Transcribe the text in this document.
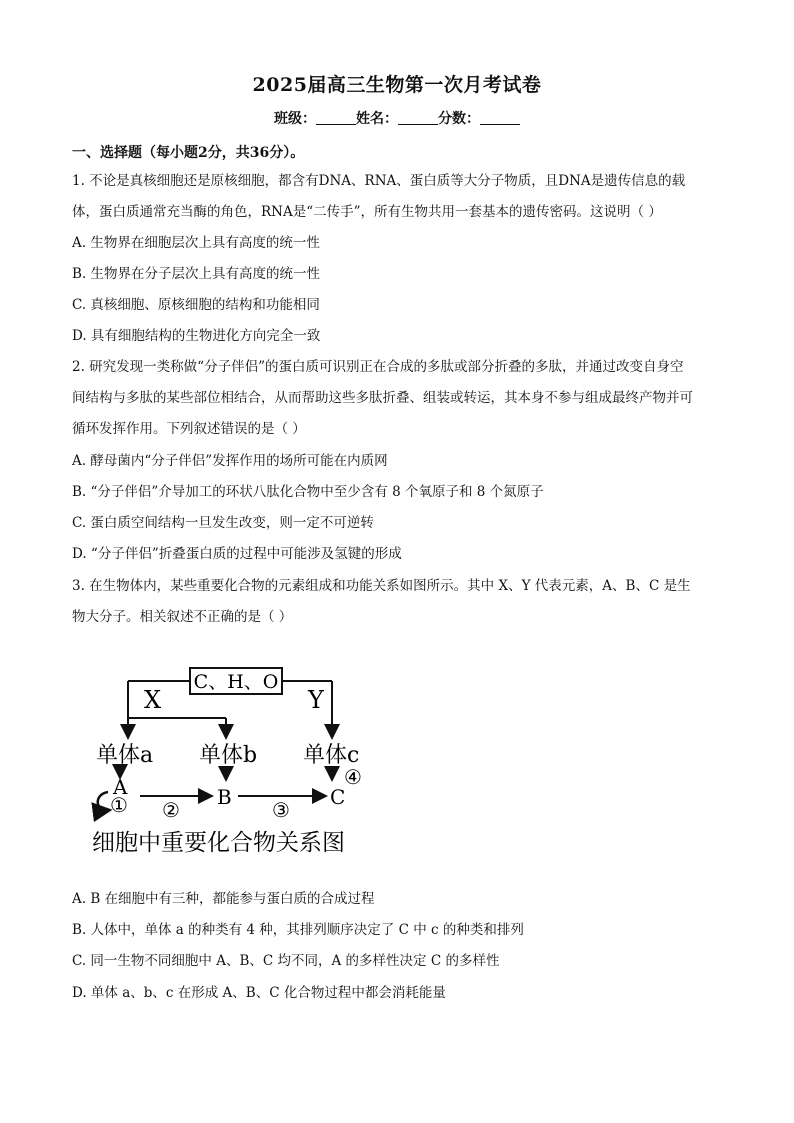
2025届高三生物第一次月考试卷
班级：	姓名：	分数：
一、选择题（每小题2分，共36分）。
1. 不论是真核细胞还是原核细胞，都含有DNA、RNA、蛋白质等大分子物质，且DNA是遗传信息的载
体，蛋白质通常充当酶的角色，RNA是“二传手”，所有生物共用一套基本的遗传密码。这说明（ ）
A. 生物界在细胞层次上具有高度的统一性
B. 生物界在分子层次上具有高度的统一性
C. 真核细胞、原核细胞的结构和功能相同
D. 具有细胞结构的生物进化方向完全一致
2. 研究发现一类称做“分子伴侣”的蛋白质可识别正在合成的多肽或部分折叠的多肽，并通过改变自身空
间结构与多肽的某些部位相结合，从而帮助这些多肽折叠、组装或转运，其本身不参与组成最终产物并可
循环发挥作用。下列叙述错误的是（ ）
A. 酵母菌内“分子伴侣”发挥作用的场所可能在内质网
B. “分子伴侣”介导加工的环状八肽化合物中至少含有 8 个氧原子和 8 个氮原子
C. 蛋白质空间结构一旦发生改变，则一定不可逆转
D. “分子伴侣”折叠蛋白质的过程中可能涉及氢键的形成
3. 在生物体内，某些重要化合物的元素组成和功能关系如图所示。其中 X、Y 代表元素，A、B、C 是生
物大分子。相关叙述不正确的是（ ）
C、H、O
X	Y
单体a 单体b 单体c
A	B	C
① ②	③
④
细胞中重要化合物关系图
A. B 在细胞中有三种，都能参与蛋白质的合成过程
B. 人体中，单体 a 的种类有 4 种，其排列顺序决定了 C 中 c 的种类和排列
C. 同一生物不同细胞中 A、B、C 均不同，A 的多样性决定 C 的多样性
D. 单体 a、b、c 在形成 A、B、C 化合物过程中都会消耗能量
